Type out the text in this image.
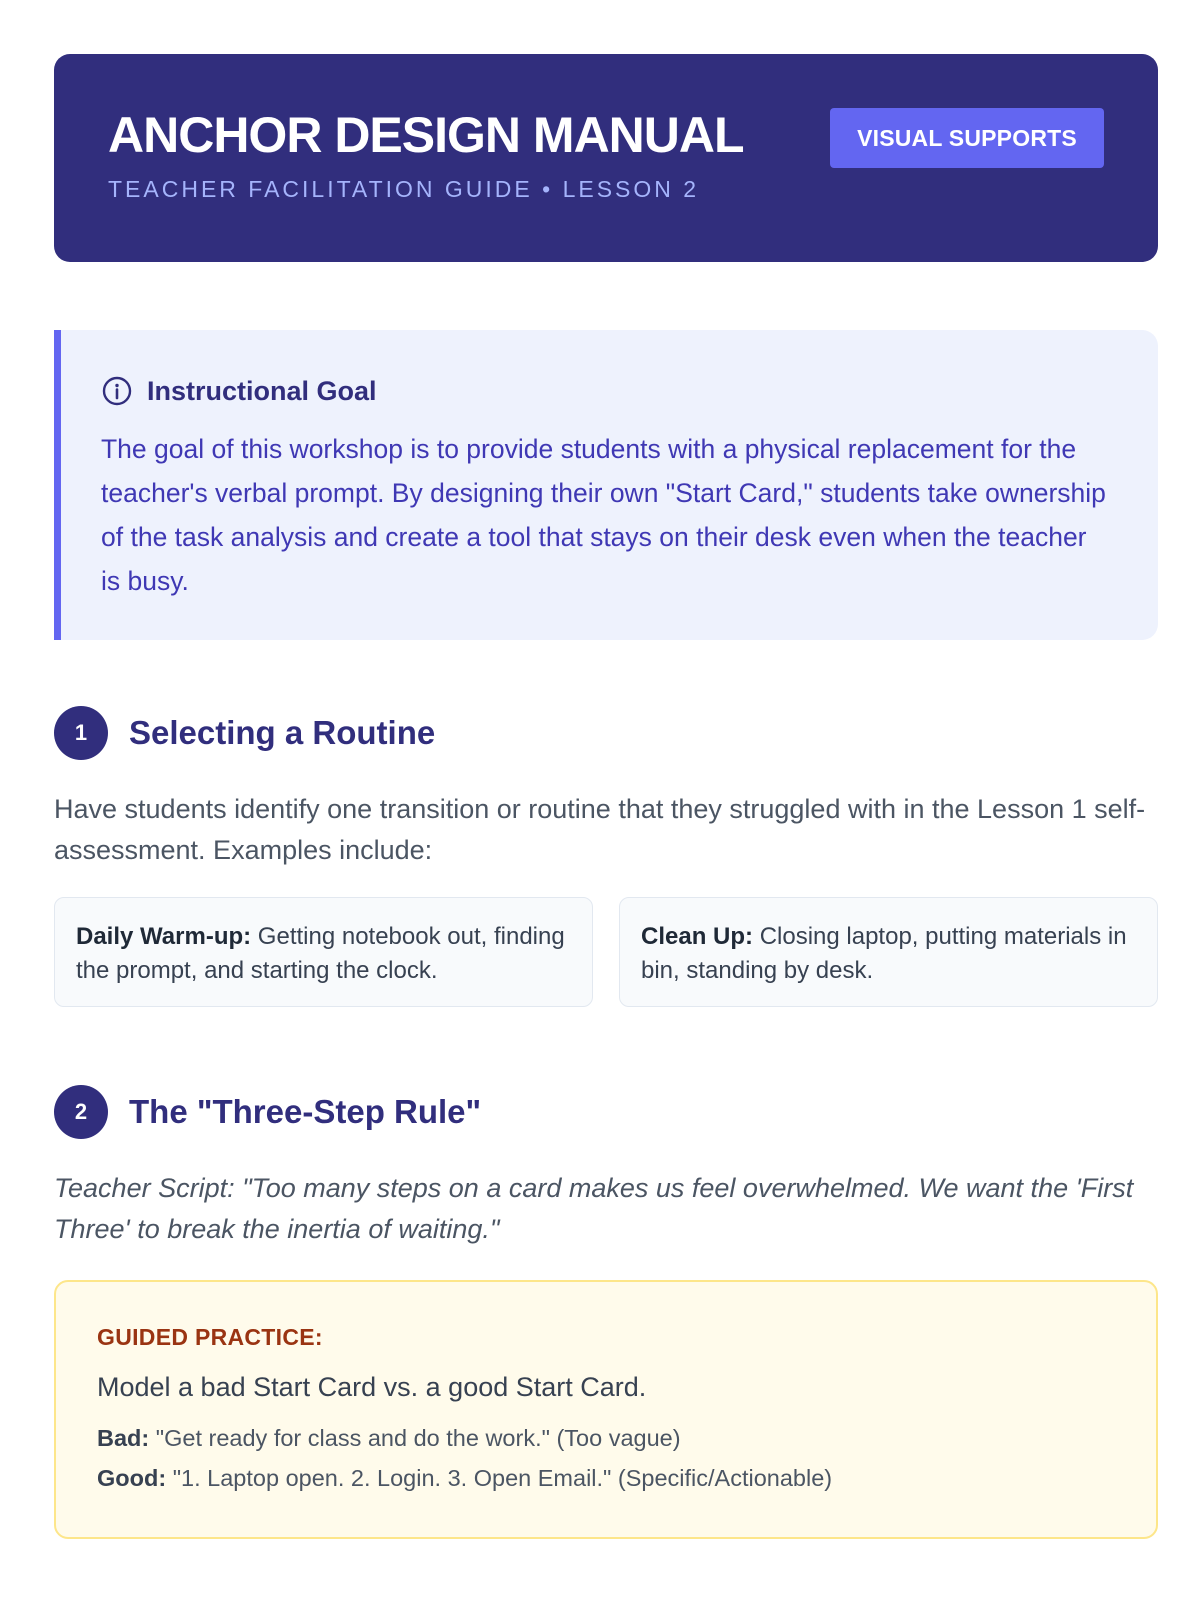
ANCHOR DESIGN MANUAL
TEACHER FACILITATION GUIDE • LESSON 2
VISUAL SUPPORTS
Instructional Goal
The goal of this workshop is to provide students with a physical replacement for the teacher's verbal prompt. By designing their own "Start Card," students take ownership of the task analysis and create a tool that stays on their desk even when the teacher is busy.
1	Selecting a Routine
Have students identify one transition or routine that they struggled with in the Lesson 1 self-assessment. Examples include:
Daily Warm-up: Getting notebook out, finding the prompt, and starting the clock.
Clean Up: Closing laptop, putting materials in bin, standing by desk.
2	The "Three-Step Rule"
Teacher Script: "Too many steps on a card makes us feel overwhelmed. We want the 'First Three' to break the inertia of waiting."
GUIDED PRACTICE:
Model a bad Start Card vs. a good Start Card.
Bad: "Get ready for class and do the work." (Too vague)
Good: "1. Laptop open. 2. Login. 3. Open Email." (Specific/Actionable)
